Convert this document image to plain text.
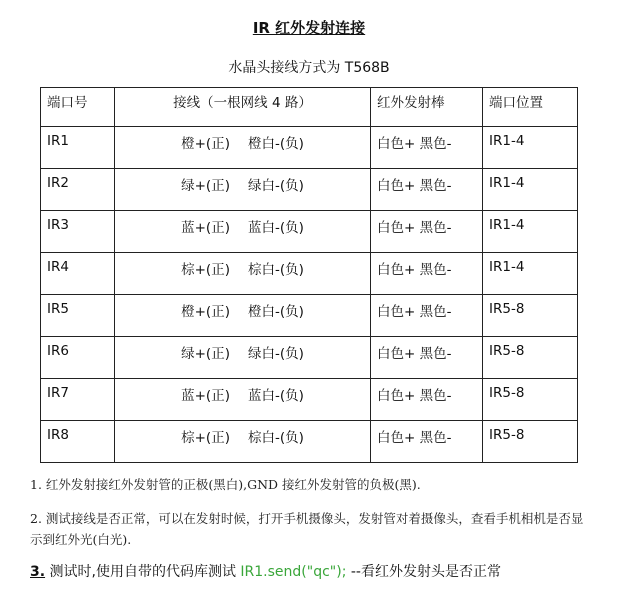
IR 红外发射连接
水晶头接线方式为 T568B
端口号	接线（一根网线 4 路）	红外发射棒	端口位置
IR1	橙+(正) 橙白-(负)	白色+ 黑色-	IR1-4
IR2	绿+(正) 绿白-(负)	白色+ 黑色-	IR1-4
IR3	蓝+(正) 蓝白-(负)	白色+ 黑色-	IR1-4
IR4	棕+(正) 棕白-(负)	白色+ 黑色-	IR1-4
IR5	橙+(正) 橙白-(负)	白色+ 黑色-	IR5-8
IR6	绿+(正) 绿白-(负)	白色+ 黑色-	IR5-8
IR7	蓝+(正) 蓝白-(负)	白色+ 黑色-	IR5-8
IR8	棕+(正) 棕白-(负)	白色+ 黑色-	IR5-8
1. 红外发射接红外发射管的正极(黑白),GND 接红外发射管的负极(黑).
2. 测试接线是否正常，可以在发射时候，打开手机摄像头，发射管对着摄像头，查看手机相机是否显示到红外光(白光).
3. 测试时,使用自带的代码库测试 IR1.send("qc"); --看红外发射头是否正常
